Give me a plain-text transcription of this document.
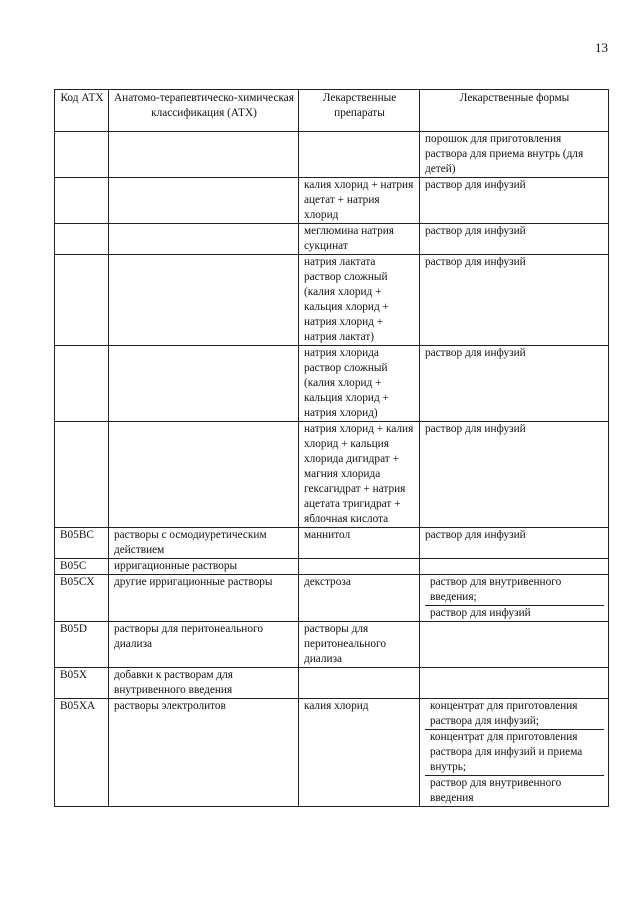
13
Код АТХ	Анатомо-терапевтическо-химическая классификация (АТХ)	Лекарственные препараты	Лекарственные формы
			порошок для приготовления раствора для приема внутрь (для детей)
		калия хлорид + натрия ацетат + натрия хлорид	раствор для инфузий
		меглюмина натрия сукцинат	раствор для инфузий
		натрия лактата раствор сложный (калия хлорид + кальция хлорид + натрия хлорид + натрия лактат)	раствор для инфузий
		натрия хлорида раствор сложный (калия хлорид + кальция хлорид + натрия хлорид)	раствор для инфузий
		натрия хлорид + калия хлорид + кальция хлорида дигидрат + магния хлорида гексагидрат + натрия ацетата тригидрат + яблочная кислота	раствор для инфузий
B05BC	растворы с осмодиуретическим действием	маннитол	раствор для инфузий
B05C	ирригационные растворы		
B05CX	другие ирригационные растворы	декстроза	раствор для внутривенного введения;
раствор для инфузий

B05D	растворы для перитонеального диализа	растворы для перитонеального диализа	
B05X	добавки к растворам для внутривенного введения		
B05XA	растворы электролитов	калия хлорид	концентрат для приготовления раствора для инфузий;
концентрат для приготовления раствора для инфузий и приема внутрь;
раствор для внутривенного введения
